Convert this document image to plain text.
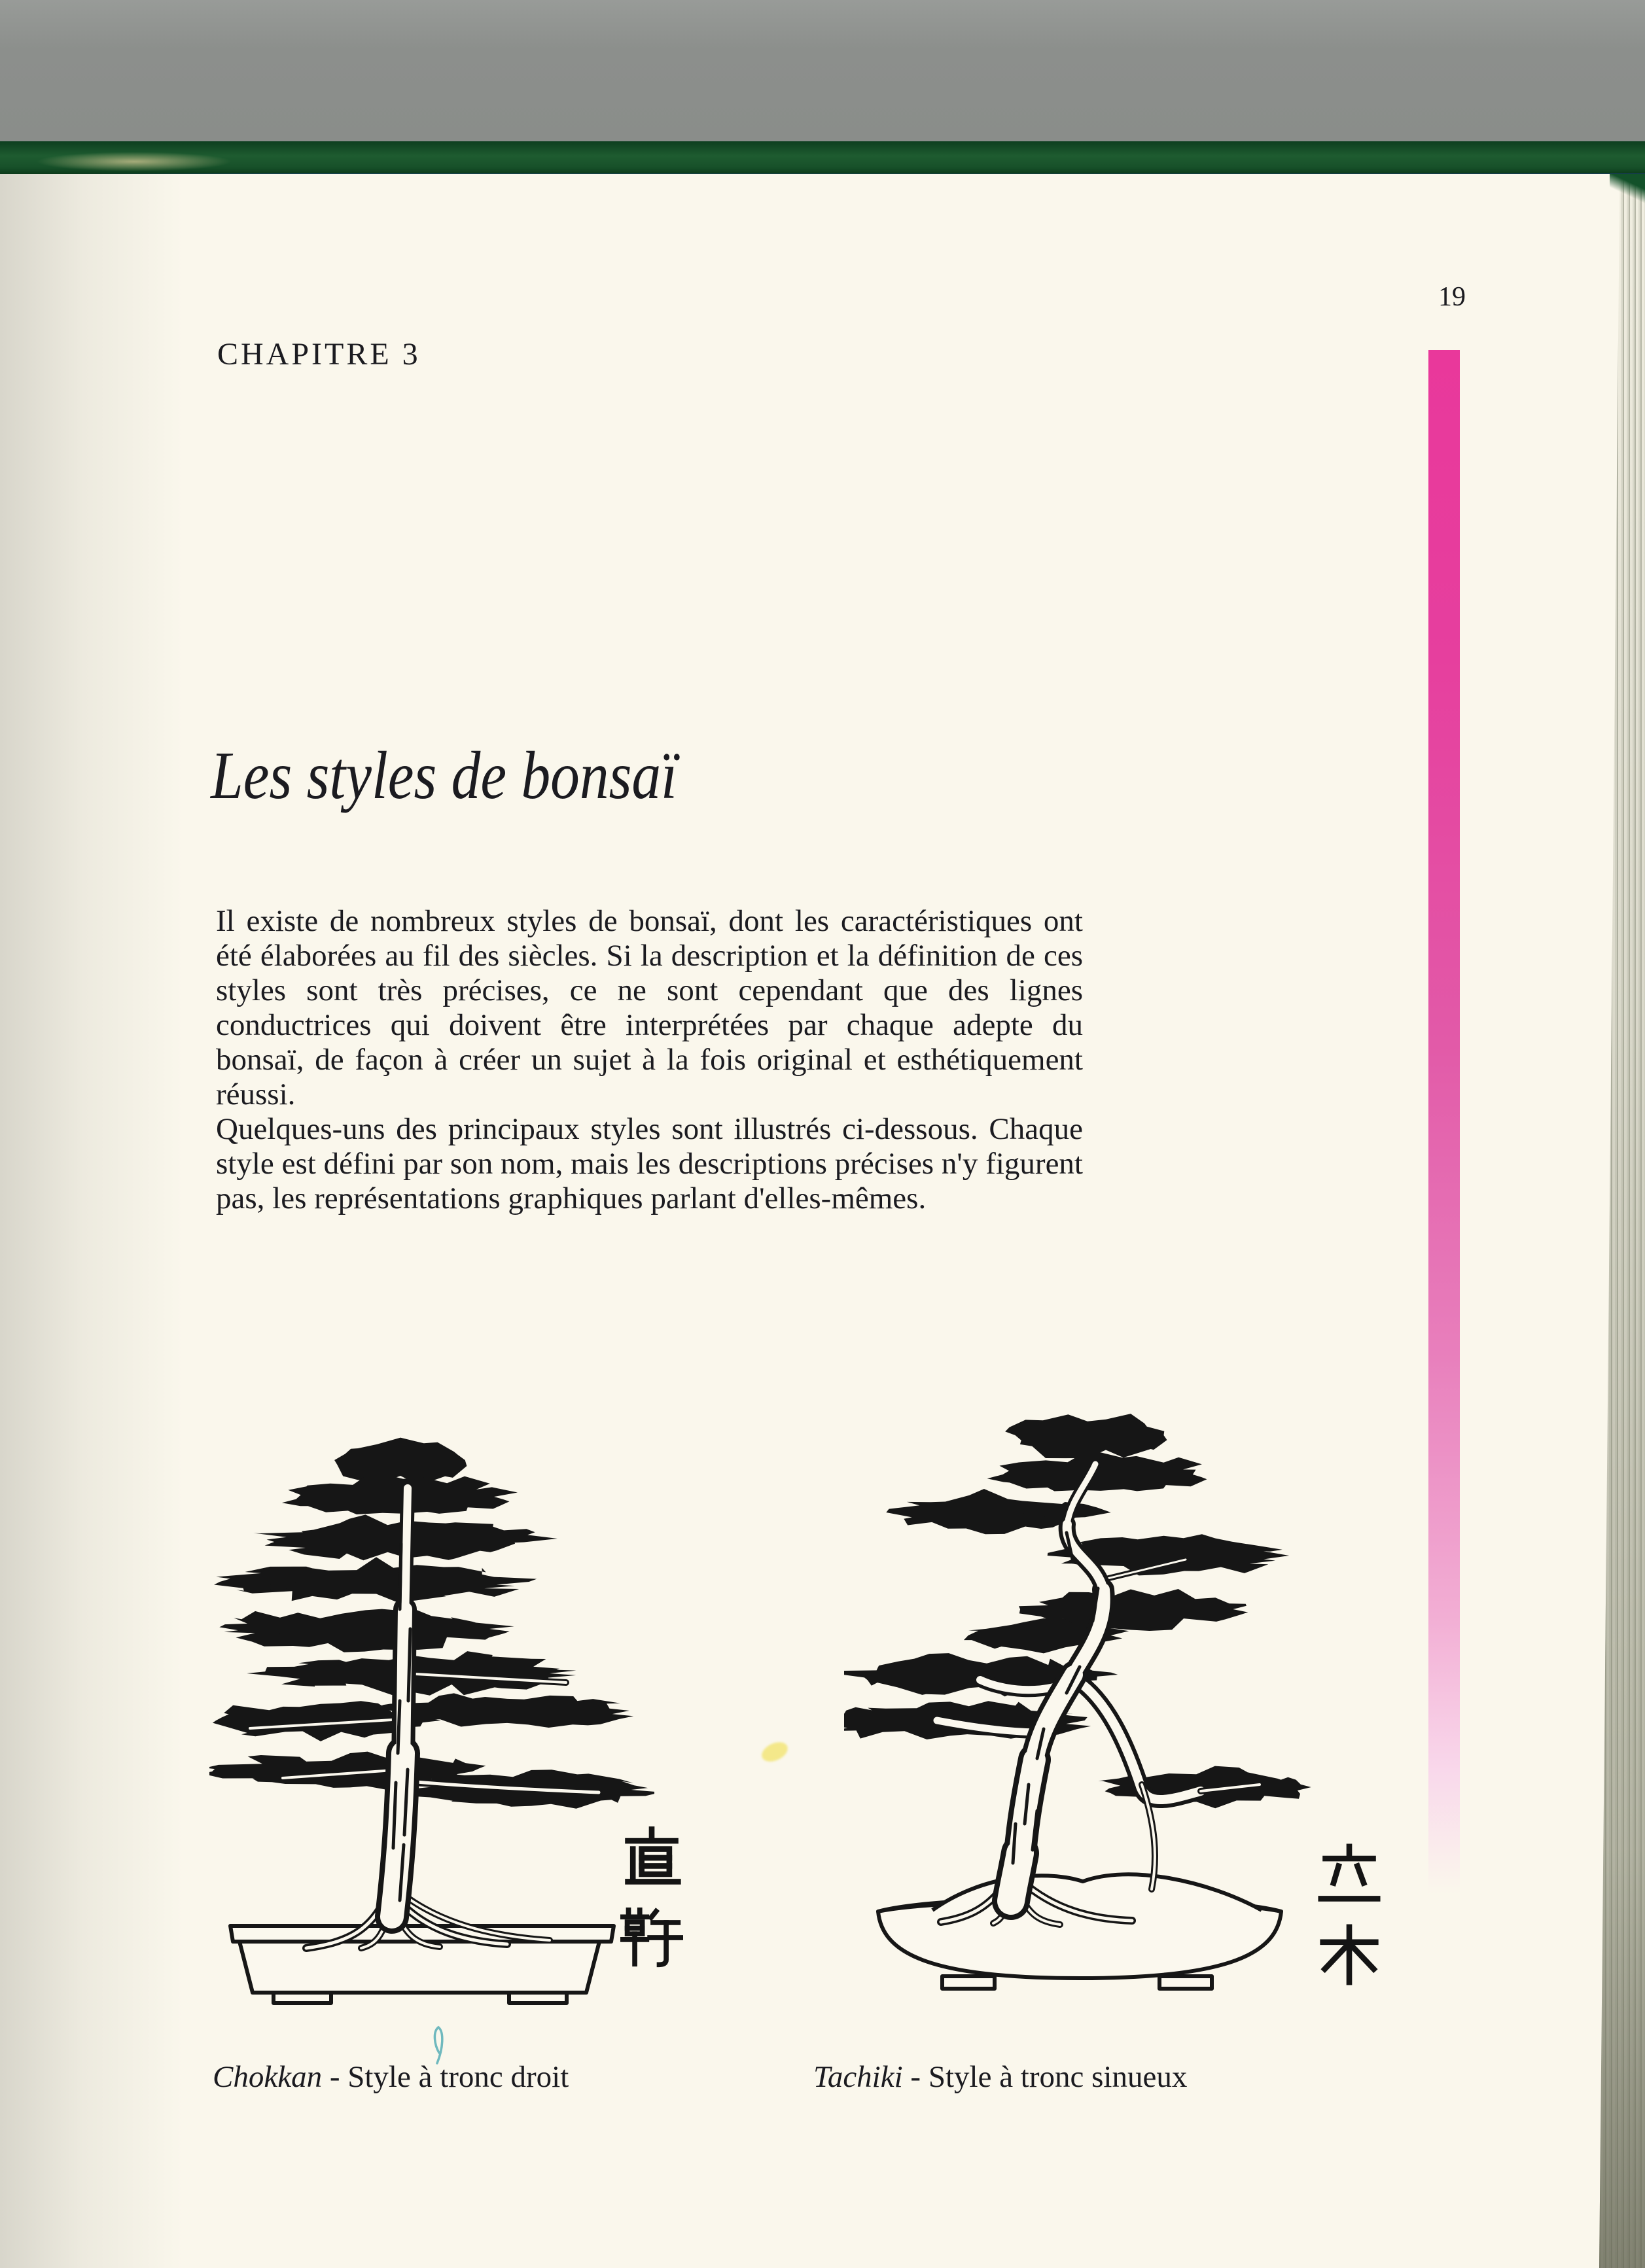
19
CHAPITRE 3
Les styles de bonsaï

Il existe de nombreux styles de bonsaï, dont les caractéristiques ont été élaborées au fil des siècles. Si la description et la définition de ces styles sont très précises, ce ne sont cependant que des lignes conductrices qui doivent être interprétées par chaque adepte du bonsaï, de façon à créer un sujet à la fois original et esthétiquement réussi.

Quelques-uns des principaux styles sont illustrés ci-dessous. Chaque style est défini par son nom, mais les descriptions précises n'y figurent pas, les représentations graphiques parlant d'elles-mêmes.

Chokkan - Style à tronc droit	Tachiki - Style à tronc sinueux
